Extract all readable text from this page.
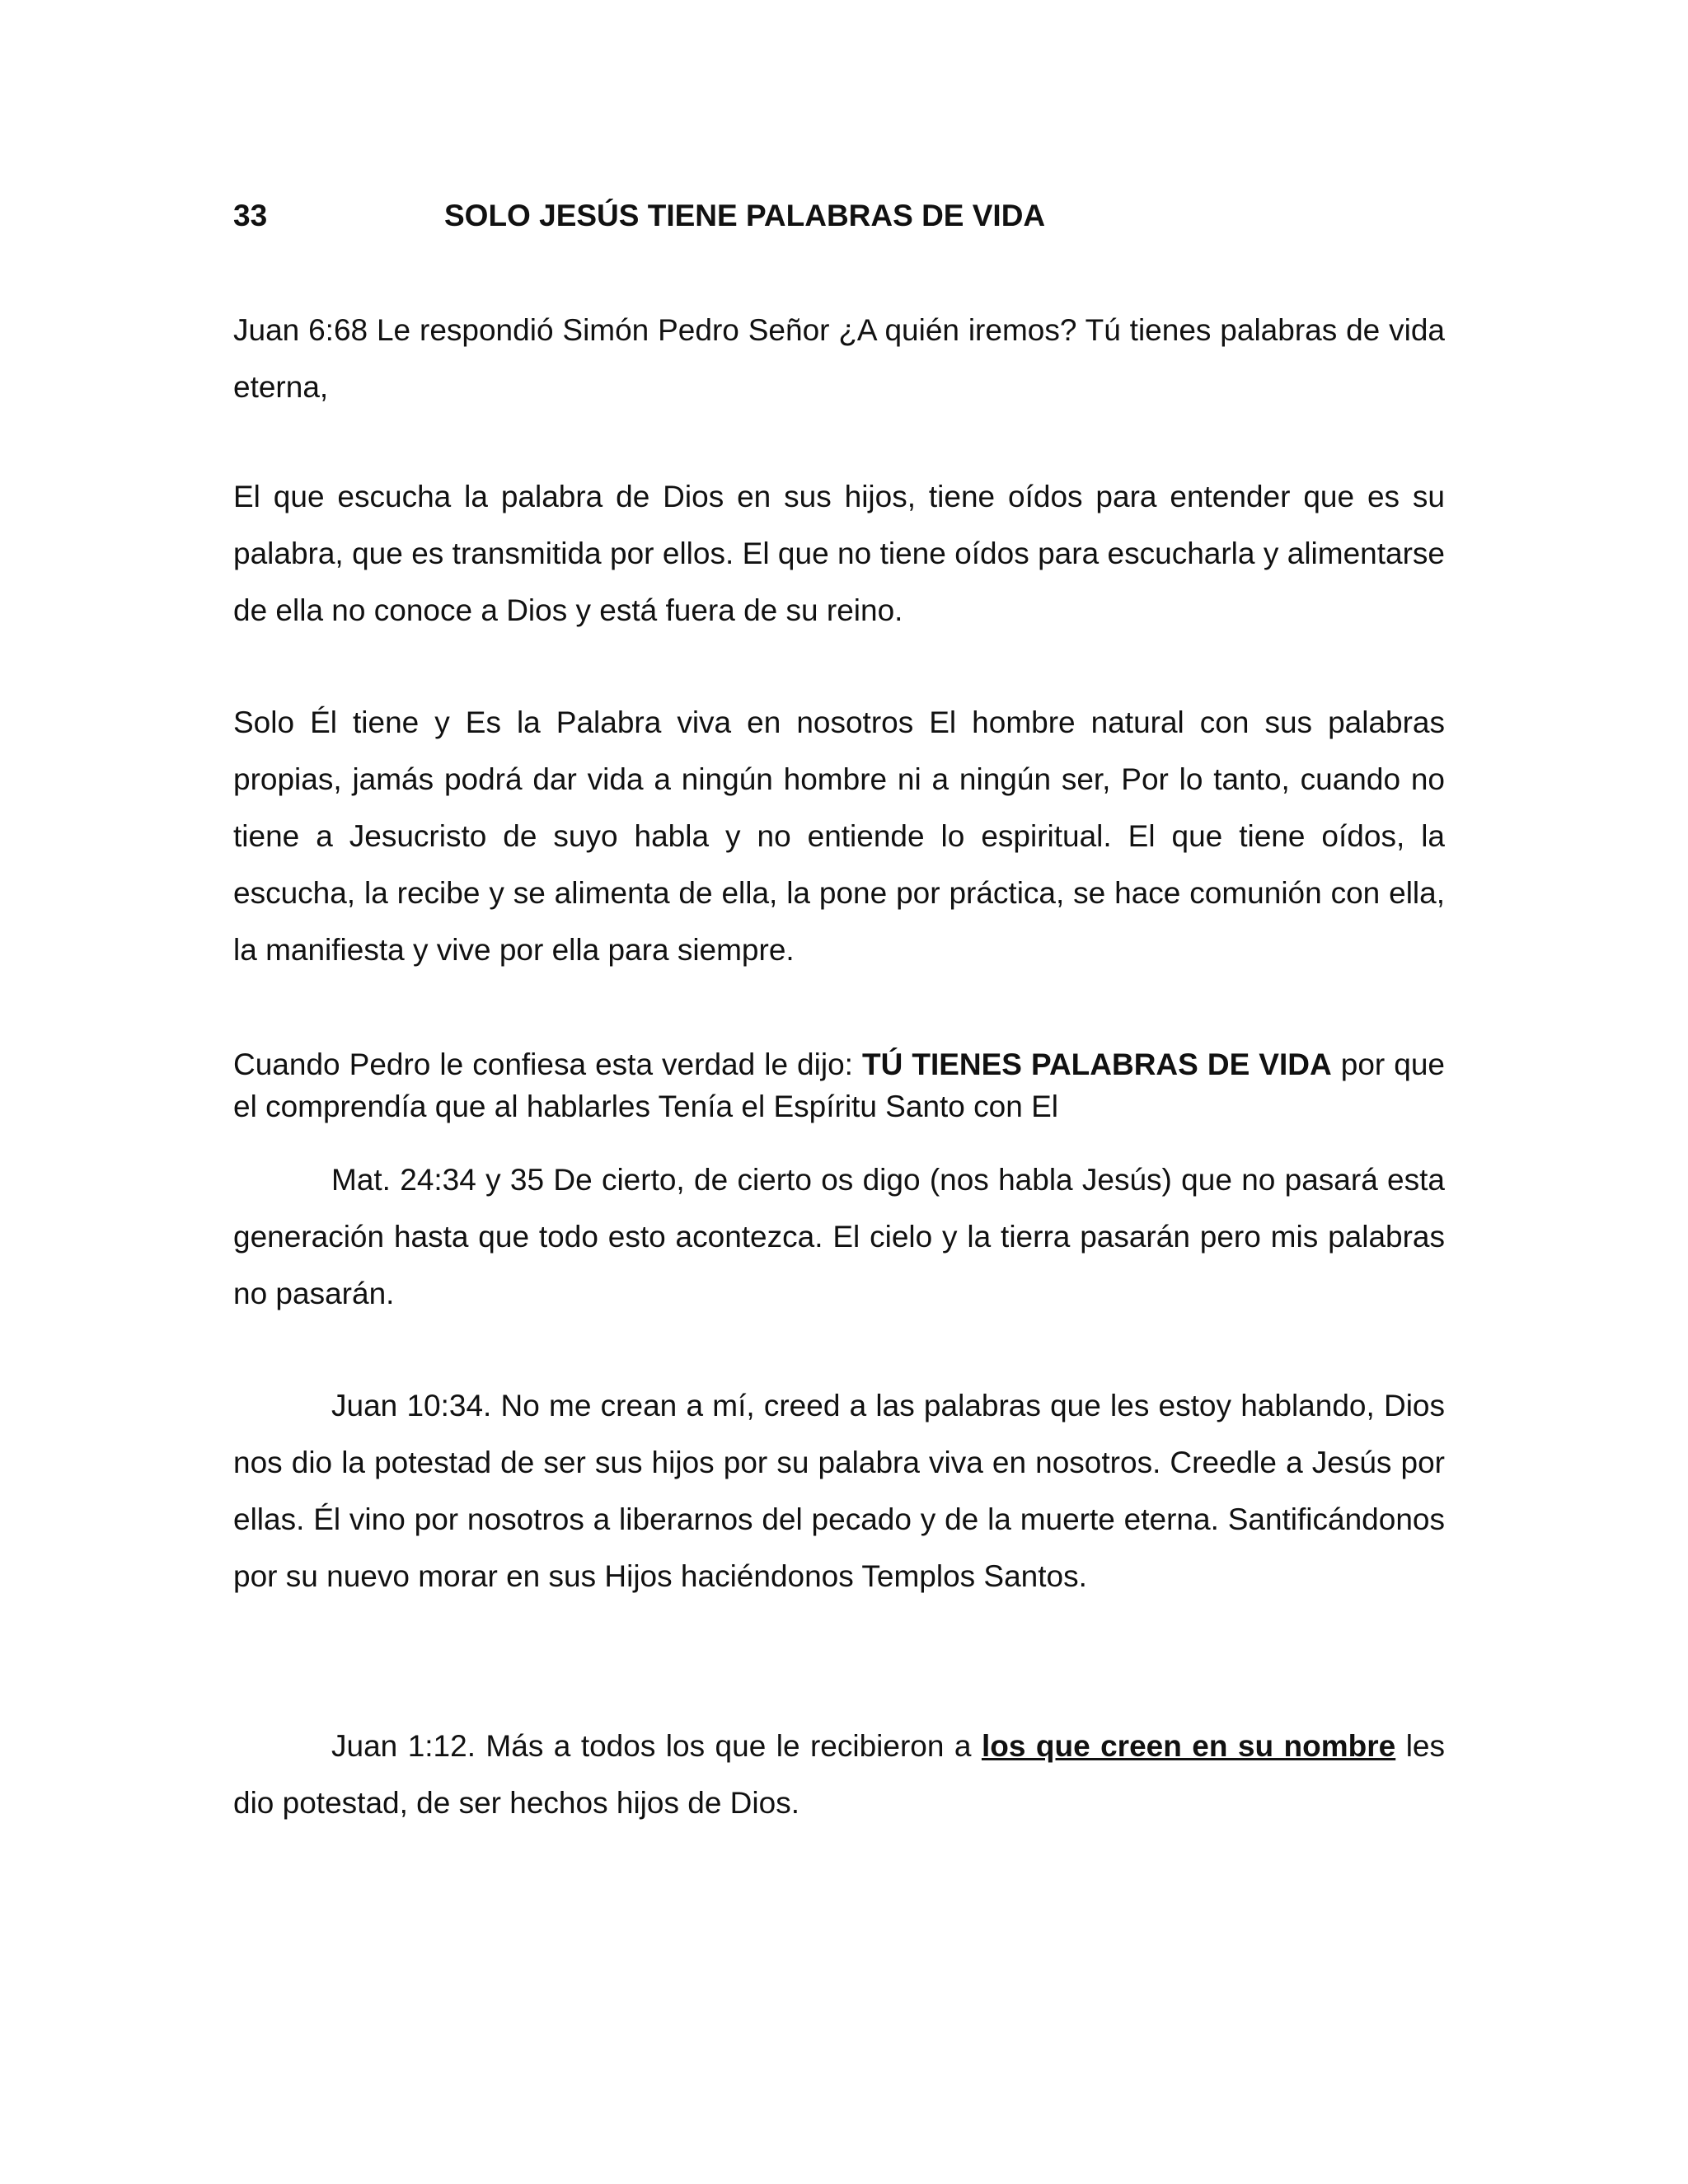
33	SOLO JESÚS TIENE PALABRAS DE VIDA

Juan 6:68 Le respondió Simón Pedro Señor ¿A quién iremos? Tú tienes palabras de vida eterna,

El que escucha la palabra de Dios en sus hijos, tiene oídos para entender que es su palabra, que es transmitida por ellos. El que no tiene oídos para escucharla y alimentarse de ella no conoce a Dios y está fuera de su reino.

Solo Él tiene y Es la Palabra viva en nosotros El hombre natural con sus palabras propias, jamás podrá dar vida a ningún hombre ni a ningún ser, Por lo tanto, cuando no tiene a Jesucristo de suyo habla y no entiende lo espiritual. El que tiene oídos, la escucha, la recibe y se alimenta de ella, la pone por práctica, se hace comunión con ella, la manifiesta y vive por ella para siempre.

Cuando Pedro le confiesa esta verdad le dijo: TÚ TIENES PALABRAS DE VIDA por que el comprendía que al hablarles Tenía el Espíritu Santo con El

Mat. 24:34 y 35 De cierto, de cierto os digo (nos habla Jesús) que no pasará esta generación hasta que todo esto acontezca. El cielo y la tierra pasarán pero mis palabras no pasarán.

Juan 10:34. No me crean a mí, creed a las palabras que les estoy hablando, Dios nos dio la potestad de ser sus hijos por su palabra viva en nosotros. Creedle a Jesús por ellas. Él vino por nosotros a liberarnos del pecado y de la muerte eterna. Santificándonos por su nuevo morar en sus Hijos haciéndonos Templos Santos.

Juan 1:12. Más a todos los que le recibieron a los que creen en su nombre les dio potestad, de ser hechos hijos de Dios.
